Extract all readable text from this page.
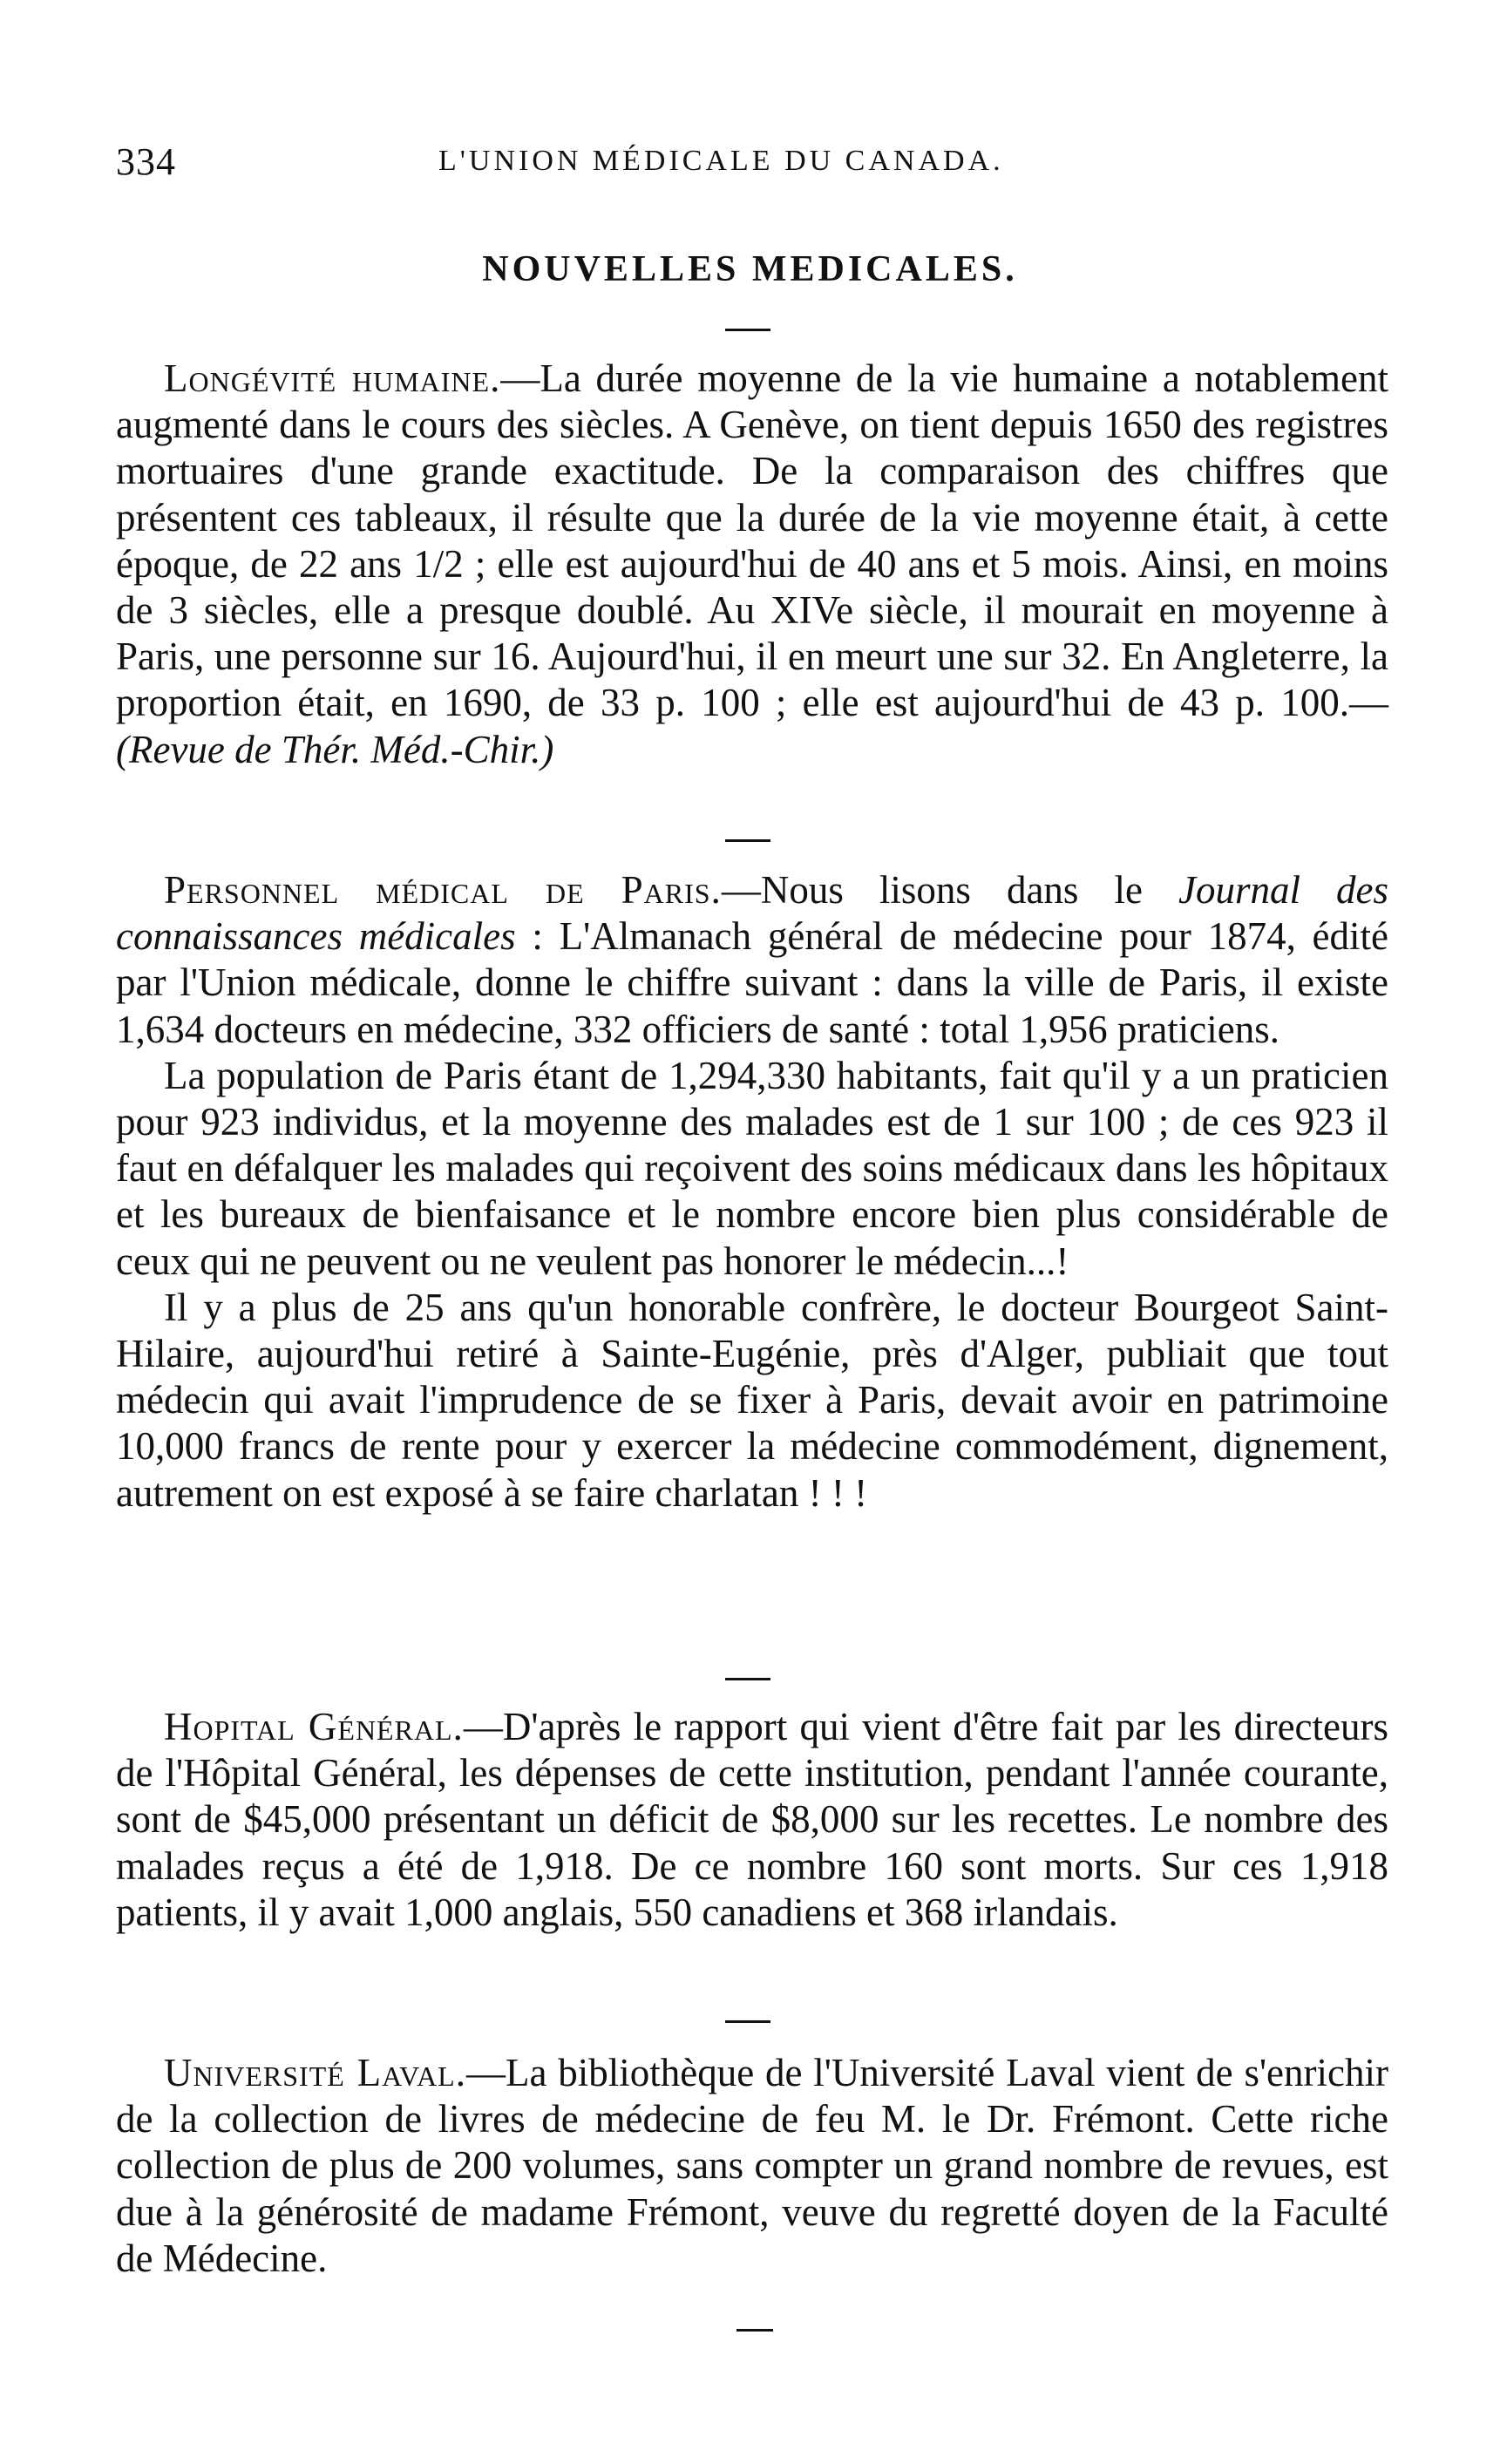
334	L'UNION MÉDICALE DU CANADA.
NOUVELLES MEDICALES.

Longévité humaine.—La durée moyenne de la vie humaine a notablement augmenté dans le cours des siècles. A Genève, on tient depuis 1650 des registres mortuaires d'une grande exactitude. De la comparaison des chiffres que présentent ces tableaux, il résulte que la durée de la vie moyenne était, à cette époque, de 22 ans 1/2 ; elle est aujourd'hui de 40 ans et 5 mois. Ainsi, en moins de 3 siècles, elle a presque doublé. Au XIVe siècle, il mourait en moyenne à Paris, une personne sur 16. Aujourd'hui, il en meurt une sur 32. En Angleterre, la proportion était, en 1690, de 33 p. 100 ; elle est aujourd'hui de 43 p. 100.—(Revue de Thér. Méd.-Chir.)

Personnel médical de Paris.—Nous lisons dans le Journal des connaissances médicales : L'Almanach général de médecine pour 1874, édité par l'Union médicale, donne le chiffre suivant : dans la ville de Paris, il existe 1,634 docteurs en médecine, 332 officiers de santé : total 1,956 praticiens.

La population de Paris étant de 1,294,330 habitants, fait qu'il y a un praticien pour 923 individus, et la moyenne des malades est de 1 sur 100 ; de ces 923 il faut en défalquer les malades qui reçoivent des soins médicaux dans les hôpitaux et les bureaux de bienfaisance et le nombre encore bien plus considérable de ceux qui ne peuvent ou ne veulent pas honorer le médecin...!

Il y a plus de 25 ans qu'un honorable confrère, le docteur Bourgeot Saint-Hilaire, aujourd'hui retiré à Sainte-Eugénie, près d'Alger, publiait que tout médecin qui avait l'imprudence de se fixer à Paris, devait avoir en patrimoine 10,000 francs de rente pour y exercer la médecine commodément, dignement, autrement on est exposé à se faire charlatan ! ! !

Hopital Général.—D'après le rapport qui vient d'être fait par les directeurs de l'Hôpital Général, les dépenses de cette institution, pendant l'année courante, sont de $45,000 présentant un déficit de $8,000 sur les recettes. Le nombre des malades reçus a été de 1,918. De ce nombre 160 sont morts. Sur ces 1,918 patients, il y avait 1,000 anglais, 550 canadiens et 368 irlandais.

Université Laval.—La bibliothèque de l'Université Laval vient de s'enrichir de la collection de livres de médecine de feu M. le Dr. Frémont. Cette riche collection de plus de 200 volumes, sans compter un grand nombre de revues, est due à la générosité de madame Frémont, veuve du regretté doyen de la Faculté de Médecine.
